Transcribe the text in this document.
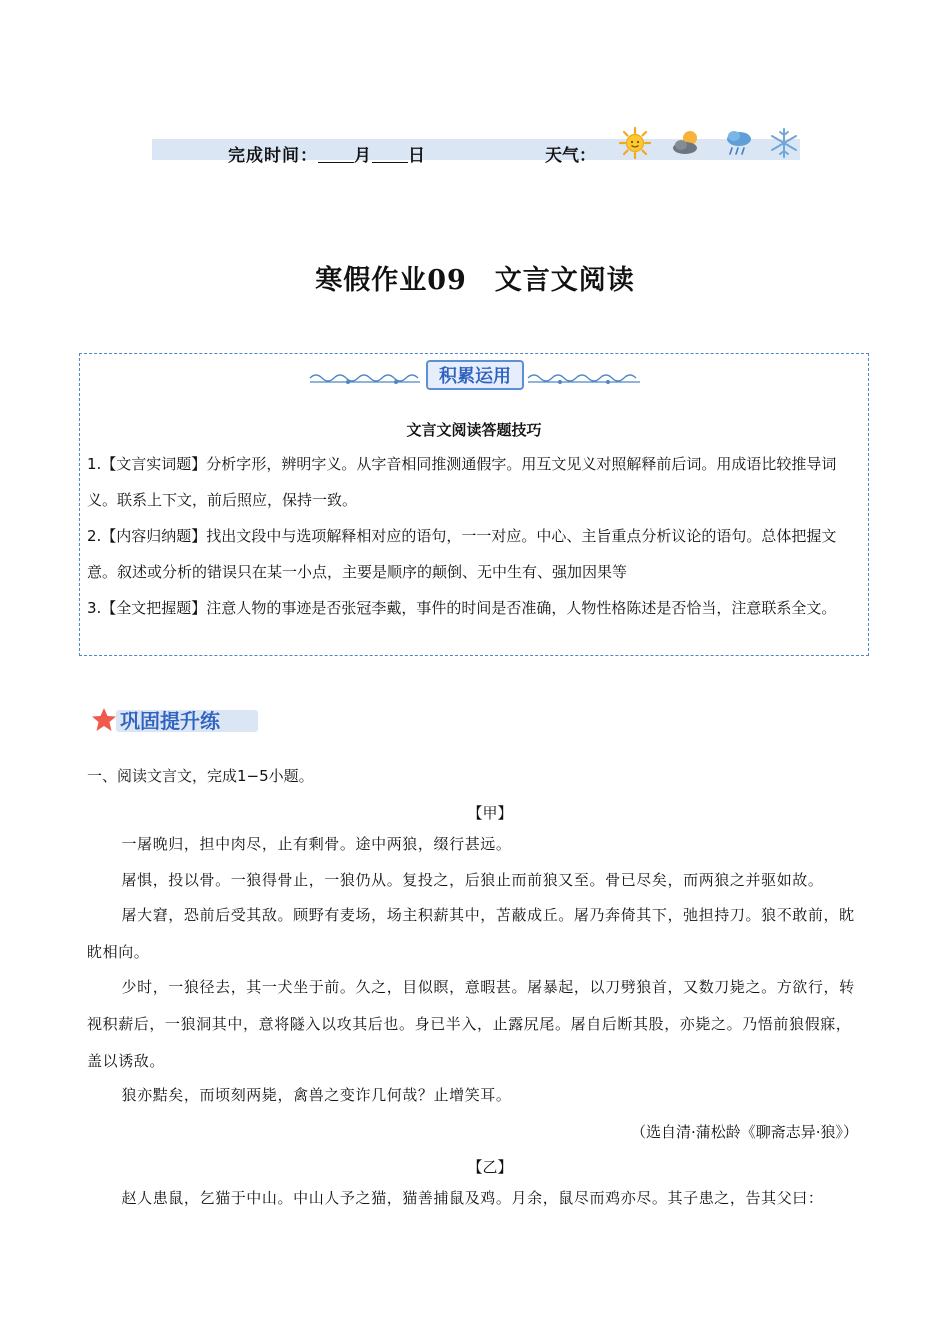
完成时间： 月 日	天气：
寒假作业09　文言文阅读
积累运用
文言文阅读答题技巧
1.【文言实词题】分析字形，辨明字义。从字音相同推测通假字。用互文见义对照解释前后词。用成语比较推导词义。联系上下文，前后照应，保持一致。
2.【内容归纳题】找出文段中与选项解释相对应的语句，一一对应。中心、主旨重点分析议论的语句。总体把握文意。叙述或分析的错误只在某一小点，主要是顺序的颠倒、无中生有、强加因果等
3.【全文把握题】注意人物的事迹是否张冠李戴，事件的时间是否准确，人物性格陈述是否恰当，注意联系全文。
巩固提升练
一、阅读文言文，完成1−5小题。
【甲】
一屠晚归，担中肉尽，止有剩骨。途中两狼，缀行甚远。
屠惧，投以骨。一狼得骨止，一狼仍从。复投之，后狼止而前狼又至。骨已尽矣，而两狼之并驱如故。
屠大窘，恐前后受其敌。顾野有麦场，场主积薪其中，苫蔽成丘。屠乃奔倚其下，弛担持刀。狼不敢前，眈眈相向。
少时，一狼径去，其一犬坐于前。久之，目似瞑，意暇甚。屠暴起，以刀劈狼首，又数刀毙之。方欲行，转视积薪后，一狼洞其中，意将隧入以攻其后也。身已半入，止露尻尾。屠自后断其股，亦毙之。乃悟前狼假寐，盖以诱敌。
狼亦黠矣，而顷刻两毙，禽兽之变诈几何哉？止增笑耳。
（选自清·蒲松龄《聊斋志异·狼》）
【乙】
赵人患鼠，乞猫于中山。中山人予之猫，猫善捕鼠及鸡。月余，鼠尽而鸡亦尽。其子患之，告其父曰：
